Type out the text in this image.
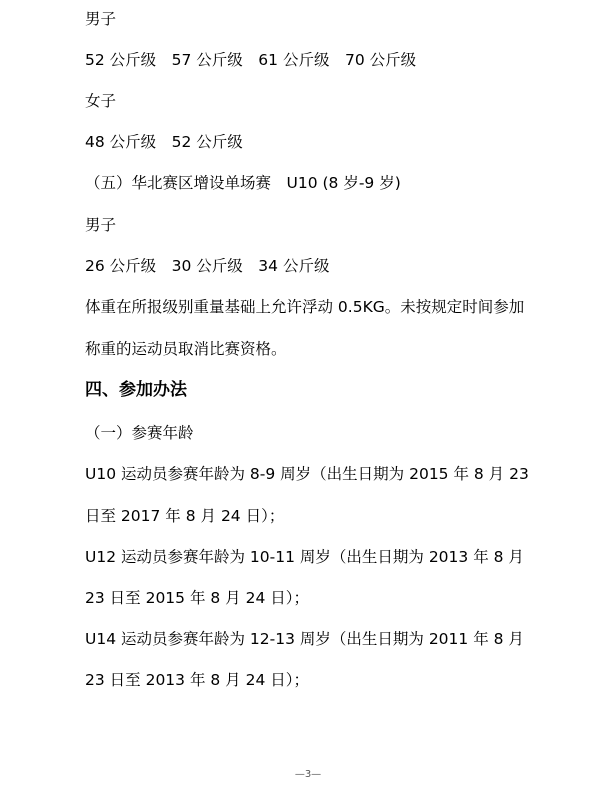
男子
52 公斤级　57 公斤级　61 公斤级　70 公斤级
女子
48 公斤级　52 公斤级
（五）华北赛区增设单场赛　U10 (8 岁-9 岁)
男子
26 公斤级　30 公斤级　34 公斤级
体重在所报级别重量基础上允许浮动 0.5KG。未按规定时间参加
称重的运动员取消比赛资格。
四、参加办法
（一）参赛年龄
U10 运动员参赛年龄为 8-9 周岁（出生日期为 2015 年 8 月 23
日至 2017 年 8 月 24 日）；
U12 运动员参赛年龄为 10-11 周岁（出生日期为 2013 年 8 月
23 日至 2015 年 8 月 24 日）；
U14 运动员参赛年龄为 12-13 周岁（出生日期为 2011 年 8 月
23 日至 2013 年 8 月 24 日）；
—3—
